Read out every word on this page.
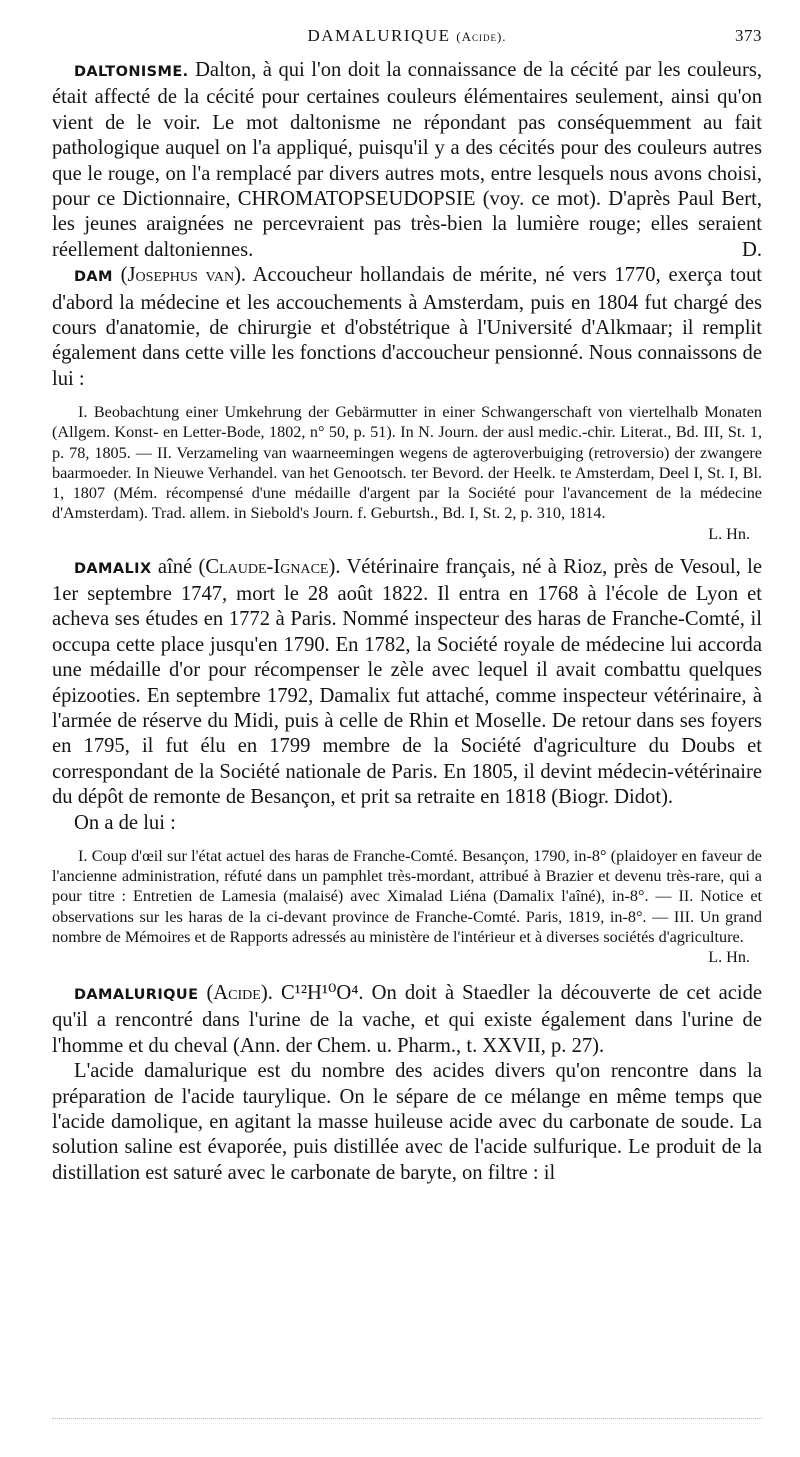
DAMALURIQUE (Acide).	373

DALTONISME. Dalton, à qui l'on doit la connaissance de la cécité par les couleurs, était affecté de la cécité pour certaines couleurs élémentaires seulement, ainsi qu'on vient de le voir. Le mot daltonisme ne répondant pas conséquemment au fait pathologique auquel on l'a appliqué, puisqu'il y a des cécités pour des couleurs autres que le rouge, on l'a remplacé par divers autres mots, entre lesquels nous avons choisi, pour ce Dictionnaire, CHROMATOPSEUDOPSIE (voy. ce mot). D'après Paul Bert, les jeunes araignées ne percevraient pas très-bien la lumière rouge; elles seraient réellement daltoniennes.	D.

DAM (Josephus van). Accoucheur hollandais de mérite, né vers 1770, exerça tout d'abord la médecine et les accouchements à Amsterdam, puis en 1804 fut chargé des cours d'anatomie, de chirurgie et d'obstétrique à l'Université d'Alkmaar; il remplit également dans cette ville les fonctions d'accoucheur pensionné. Nous connaissons de lui :

I. Beobachtung einer Umkehrung der Gebärmutter in einer Schwangerschaft von viertelhalb Monaten (Allgem. Konst- en Letter-Bode, 1802, n° 50, p. 51). In N. Journ. der ausl medic.-chir. Literat., Bd. III, St. 1, p. 78, 1805. — II. Verzameling van waarneemingen wegens de agteroverbuiging (retroversio) der zwangere baarmoeder. In Nieuwe Verhandel. van het Genootsch. ter Bevord. der Heelk. te Amsterdam, Deel I, St. I, Bl. 1, 1807 (Mém. récompensé d'une médaille d'argent par la Société pour l'avancement de la médecine d'Amsterdam). Trad. allem. in Siebold's Journ. f. Geburtsh., Bd. I, St. 2, p. 310, 1814.

L. Hn.

DAMALIX aîné (Claude-Ignace). Vétérinaire français, né à Rioz, près de Vesoul, le 1er septembre 1747, mort le 28 août 1822. Il entra en 1768 à l'école de Lyon et acheva ses études en 1772 à Paris. Nommé inspecteur des haras de Franche-Comté, il occupa cette place jusqu'en 1790. En 1782, la Société royale de médecine lui accorda une médaille d'or pour récompenser le zèle avec lequel il avait combattu quelques épizooties. En septembre 1792, Damalix fut attaché, comme inspecteur vétérinaire, à l'armée de réserve du Midi, puis à celle de Rhin et Moselle. De retour dans ses foyers en 1795, il fut élu en 1799 membre de la Société d'agriculture du Doubs et correspondant de la Société nationale de Paris. En 1805, il devint médecin-vétérinaire du dépôt de remonte de Besançon, et prit sa retraite en 1818 (Biogr. Didot).

On a de lui :

I. Coup d'œil sur l'état actuel des haras de Franche-Comté. Besançon, 1790, in-8° (plaidoyer en faveur de l'ancienne administration, réfuté dans un pamphlet très-mordant, attribué à Brazier et devenu très-rare, qui a pour titre : Entretien de Lamesia (malaisé) avec Ximalad Liéna (Damalix l'aîné), in-8°. — II. Notice et observations sur les haras de la ci-devant province de Franche-Comté. Paris, 1819, in-8°. — III. Un grand nombre de Mémoires et de Rapports adressés au ministère de l'intérieur et à diverses sociétés d'agriculture.

L. Hn.

DAMALURIQUE (Acide). C¹²H¹⁰O⁴. On doit à Staedler la découverte de cet acide qu'il a rencontré dans l'urine de la vache, et qui existe également dans l'urine de l'homme et du cheval (Ann. der Chem. u. Pharm., t. XXVII, p. 27).

L'acide damalurique est du nombre des acides divers qu'on rencontre dans la préparation de l'acide taurylique. On le sépare de ce mélange en même temps que l'acide damolique, en agitant la masse huileuse acide avec du carbonate de soude. La solution saline est évaporée, puis distillée avec de l'acide sulfurique. Le produit de la distillation est saturé avec le carbonate de baryte, on filtre : il
